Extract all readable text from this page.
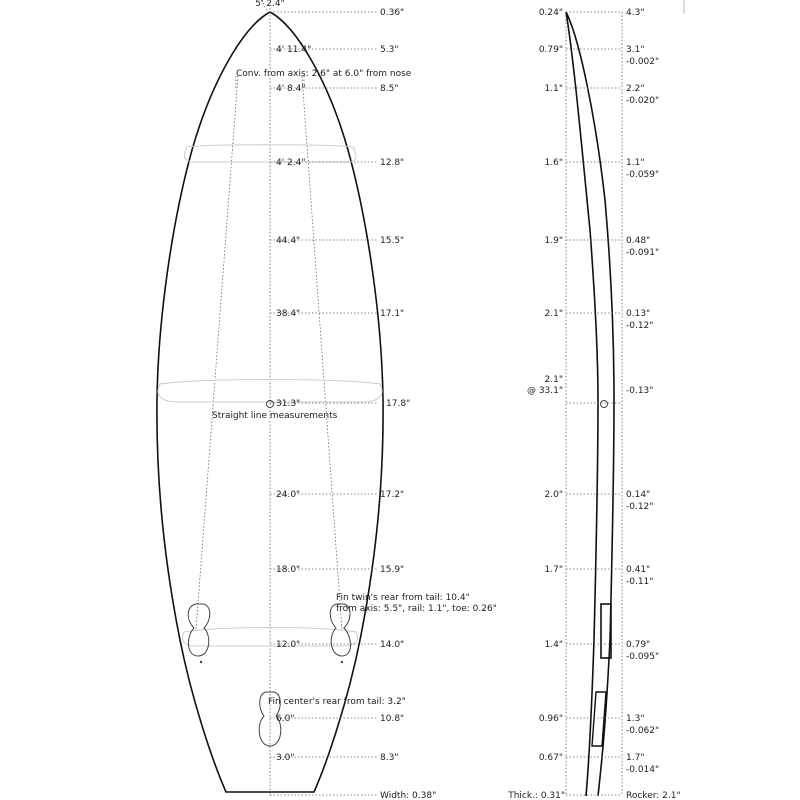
5' 2.4"
4' 11.4"
4' 8.4"
4' 2.4"
44.4"
38.4"
31.3"
24.0"
18.0"
12.0"
6.0"
3.0"
0.36"
5.3"
8.5"
12.8"
15.5"
17.1"
17.8"
17.2"
15.9"
14.0"
10.8"
8.3"
Width: 0.38"
Conv. from axis: 2.6" at 6.0" from nose
Straight line measurements
Fin twin's rear from tail: 10.4"
from axis: 5.5", rail: 1.1", toe: 0.26"
Fin center's rear from tail: 3.2"
0.24"
0.79"
1.1"
1.6"
1.9"
2.1"
2.1"
@ 33.1"
2.0"
1.7"
1.4"
0.96"
0.67"
Thick.: 0.31"
4.3"
3.1"
-0.002"
2.2"
-0.020"
1.1"
-0.059"
0.48"
-0.091"
0.13"
-0.12"
-0.13"
0.14"
-0.12"
0.41"
-0.11"
0.79"
-0.095"
1.3"
-0.062"
1.7"
-0.014"
Rocker: 2.1"
